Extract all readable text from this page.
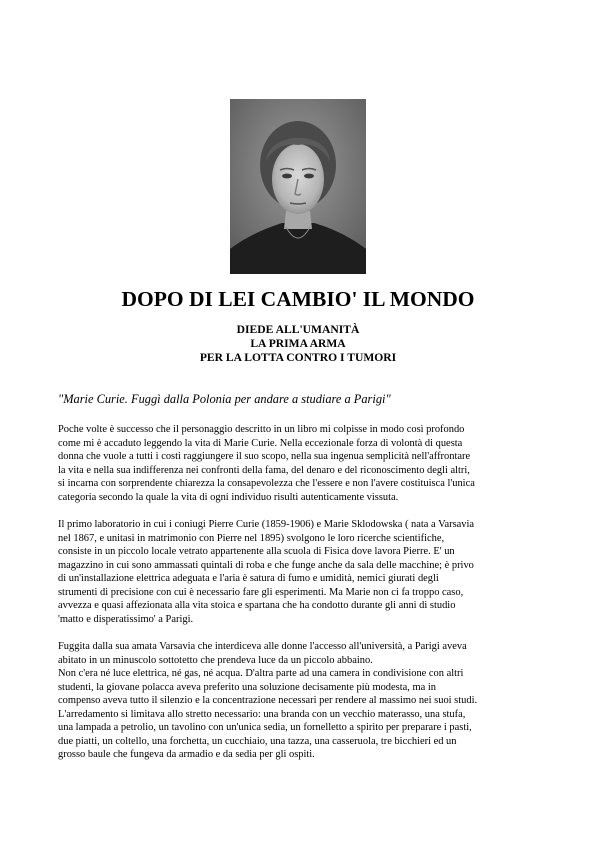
DOPO DI LEI CAMBIO' IL MONDO
DIEDE ALL'UMANITÀ
LA PRIMA ARMA
PER LA LOTTA CONTRO I TUMORI

"Marie Curie. Fuggì dalla Polonia per andare a studiare a Parigi"

Poche volte è successo che il personaggio descritto in un libro mi colpisse in modo così profondo
come mi è accaduto leggendo la vita di Marie Curie. Nella eccezionale forza di volontà di questa
donna che vuole a tutti i costi raggiungere il suo scopo, nella sua ingenua semplicità nell'affrontare
la vita e nella sua indifferenza nei confronti della fama, del denaro e del riconoscimento degli altri,
si incarna con sorprendente chiarezza la consapevolezza che l'essere e non l'avere costituisca l'unica
categoria secondo la quale la vita di ogni individuo risulti autenticamente vissuta.

Il primo laboratorio in cui i coniugi Pierre Curie (1859-1906) e Marie Sklodowska ( nata a Varsavia
nel 1867, e unitasi in matrimonio con Pierre nel 1895) svolgono le loro ricerche scientifiche,
consiste in un piccolo locale vetrato appartenente alla scuola di Fisica dove lavora Pierre. E' un
magazzino in cui sono ammassati quintali di roba e che funge anche da sala delle macchine; è privo
di un'installazione elettrica adeguata e l'aria è satura di fumo e umidità, nemici giurati degli
strumenti di precisione con cui è necessario fare gli esperimenti. Ma Marie non ci fa troppo caso,
avvezza e quasi affezionata alla vita stoica e spartana che ha condotto durante gli anni di studio
'matto e disperatissimo' a Parigi.

Fuggita dalla sua amata Varsavia che interdiceva alle donne l'accesso all'università, a Parigi aveva
abitato in un minuscolo sottotetto che prendeva luce da un piccolo abbaino.
Non c'era né luce elettrica, né gas, né acqua. D'altra parte ad una camera in condivisione con altri
studenti, la giovane polacca aveva preferito una soluzione decisamente più modesta, ma in
compenso aveva tutto il silenzio e la concentrazione necessari per rendere al massimo nei suoi studi.
L'arredamento si limitava allo stretto necessario: una branda con un vecchio materasso, una stufa,
una lampada a petrolio, un tavolino con un'unica sedia, un fornelletto a spirito per preparare i pasti,
due piatti, un coltello, una forchetta, un cucchiaio, una tazza, una casseruola, tre bicchieri ed un
grosso baule che fungeva da armadio e da sedia per gli ospiti.
